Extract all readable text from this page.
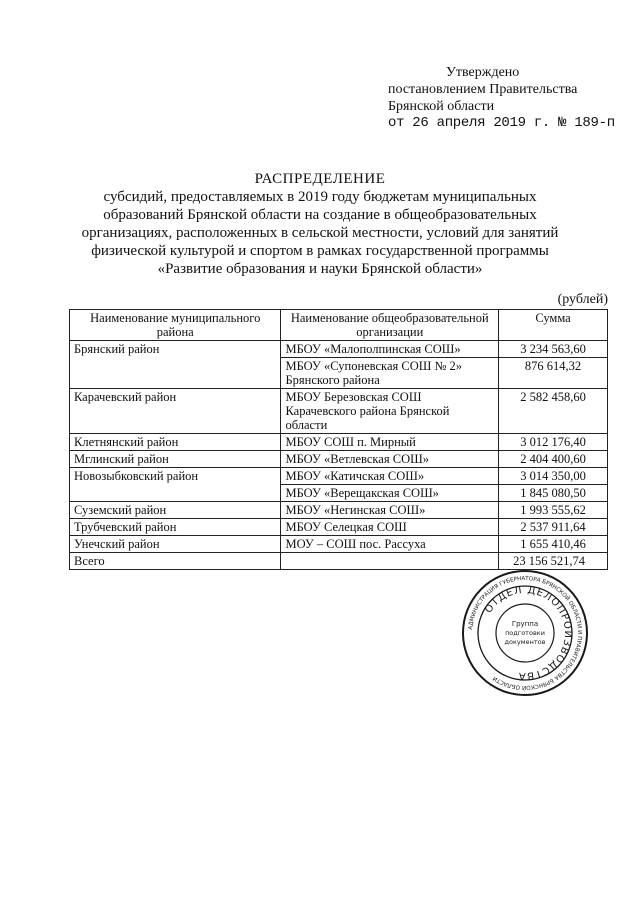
Утверждено
постановлением Правительства
Брянской области
от 26 апреля 2019 г. № 189-п
РАСПРЕДЕЛЕНИЕ
субсидий, предоставляемых в 2019 году бюджетам муниципальных
образований Брянской области на создание в общеобразовательных
организациях, расположенных в сельской местности, условий для занятий
физической культурой и спортом в рамках государственной программы
«Развитие образования и науки Брянской области»
(рублей)
Наименование муниципального района	Наименование общеобразовательной организации	Сумма
Брянский район	МБОУ «Малополпинская СОШ»	3 234 563,60
	МБОУ «Супоневская СОШ № 2» Брянского района	876 614,32
Карачевский район	МБОУ Березовская СОШ Карачевского района Брянской области	2 582 458,60
Клетнянский район	МБОУ СОШ п. Мирный	3 012 176,40
Мглинский район	МБОУ «Ветлевская СОШ»	2 404 400,60
Новозыбковский район	МБОУ «Катичская СОШ»	3 014 350,00
	МБОУ «Верещакская СОШ»	1 845 080,50
Суземский район	МБОУ «Негинская СОШ»	1 993 555,62
Трубчевский район	МБОУ Селецкая СОШ	2 537 911,64
Унечский район	МОУ – СОШ пос. Рассуха	1 655 410,46
Всего		23 156 521,74
АДМИНИСТРАЦИЯ ГУБЕРНАТОРА БРЯНСКОЙ ОБЛАСТИ И ПРАВИТЕЛЬСТВА БРЯНСКОЙ ОБЛАСТИ
ОТДЕЛ ДЕЛОПРОИЗВОДСТВА
Группа
подготовки
документов
